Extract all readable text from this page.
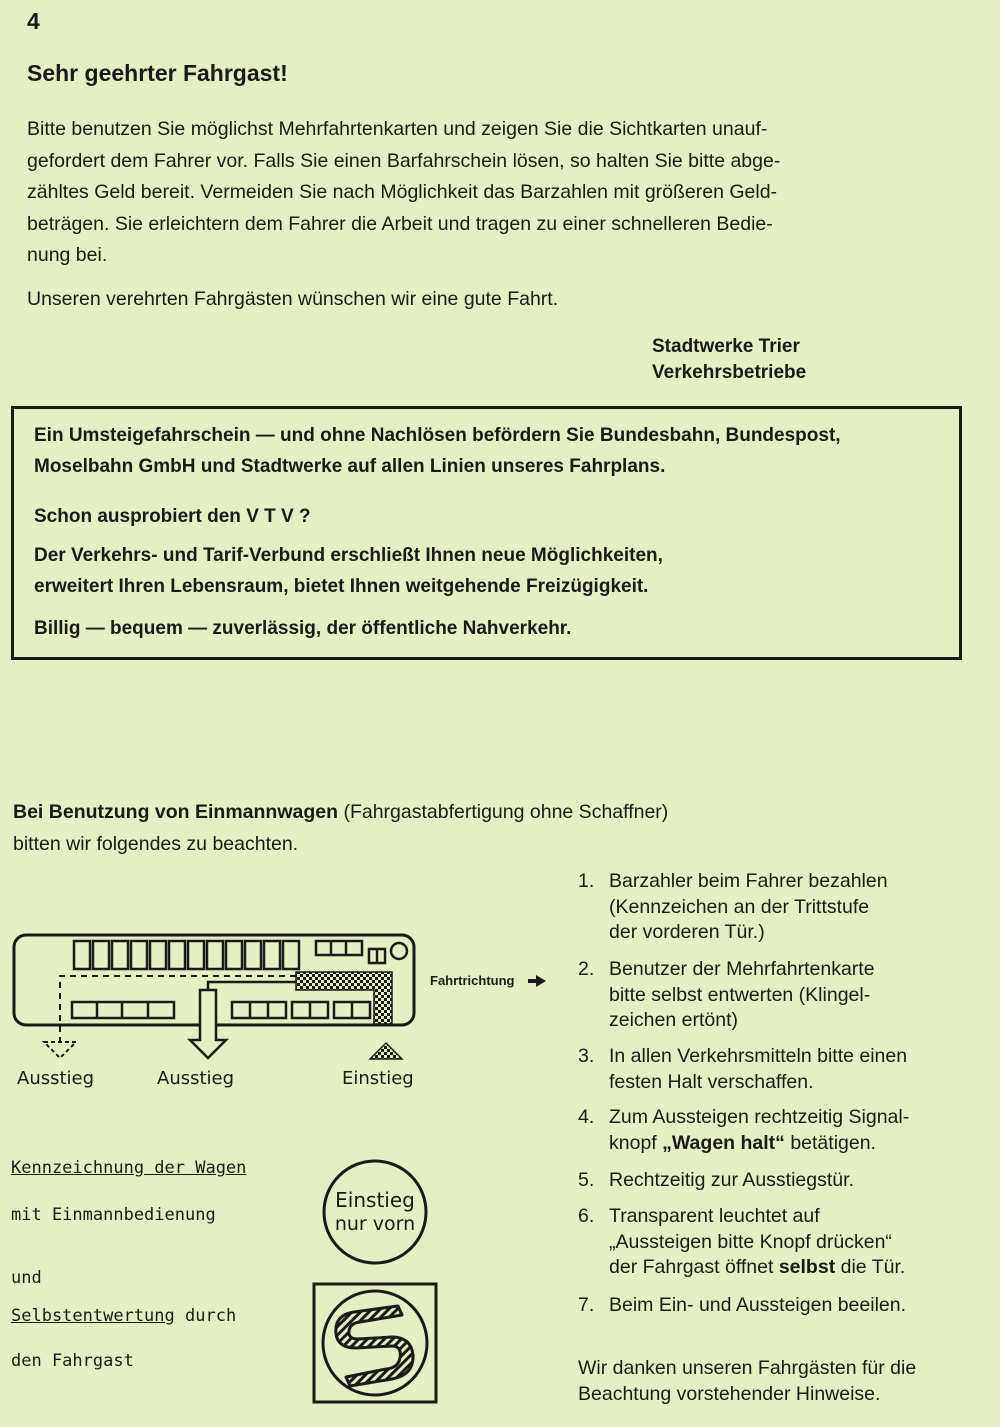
4
Sehr geehrter Fahrgast!
Bitte benutzen Sie möglichst Mehrfahrtenkarten und zeigen Sie die Sichtkarten unauf-
gefordert dem Fahrer vor. Falls Sie einen Barfahrschein lösen, so halten Sie bitte abge-
zähltes Geld bereit. Vermeiden Sie nach Möglichkeit das Barzahlen mit größeren Geld-
beträgen. Sie erleichtern dem Fahrer die Arbeit und tragen zu einer schnelleren Bedie-
nung bei.
Unseren verehrten Fahrgästen wünschen wir eine gute Fahrt.
Stadtwerke Trier
Verkehrsbetriebe

Ein Umsteigefahrschein — und ohne Nachlösen befördern Sie Bundesbahn, Bundespost,

Moselbahn GmbH und Stadtwerke auf allen Linien unseres Fahrplans.

Schon ausprobiert den V T V ?

Der Verkehrs- und Tarif-Verbund erschließt Ihnen neue Möglichkeiten,

erweitert Ihren Lebensraum, bietet Ihnen weitgehende Freizügigkeit.

Billig — bequem — zuverlässig, der öffentliche Nahverkehr.

Bei Benutzung von Einmannwagen (Fahrgastabfertigung ohne Schaffner)
bitten wir folgendes zu beachten.
Fahrtrichtung
Ausstieg	Ausstieg	Einstieg
Kennzeichnung der Wagen
mit Einmannbedienung
und
Selbstentwertung durch
den Fahrgast
Einstieg
nur vorn
1. Barzahler beim Fahrer bezahlen
(Kennzeichen an der Trittstufe
der vorderen Tür.)
2. Benutzer der Mehrfahrtenkarte
bitte selbst entwerten (Klingel-
zeichen ertönt)
3. In allen Verkehrsmitteln bitte einen
festen Halt verschaffen.
4. Zum Aussteigen rechtzeitig Signal-
knopf „Wagen halt“ betätigen.
5. Rechtzeitig zur Ausstiegstür.
6. Transparent leuchtet auf
„Aussteigen bitte Knopf drücken“
der Fahrgast öffnet selbst die Tür.
7. Beim Ein- und Aussteigen beeilen.
Wir danken unseren Fahrgästen für die
Beachtung vorstehender Hinweise.
